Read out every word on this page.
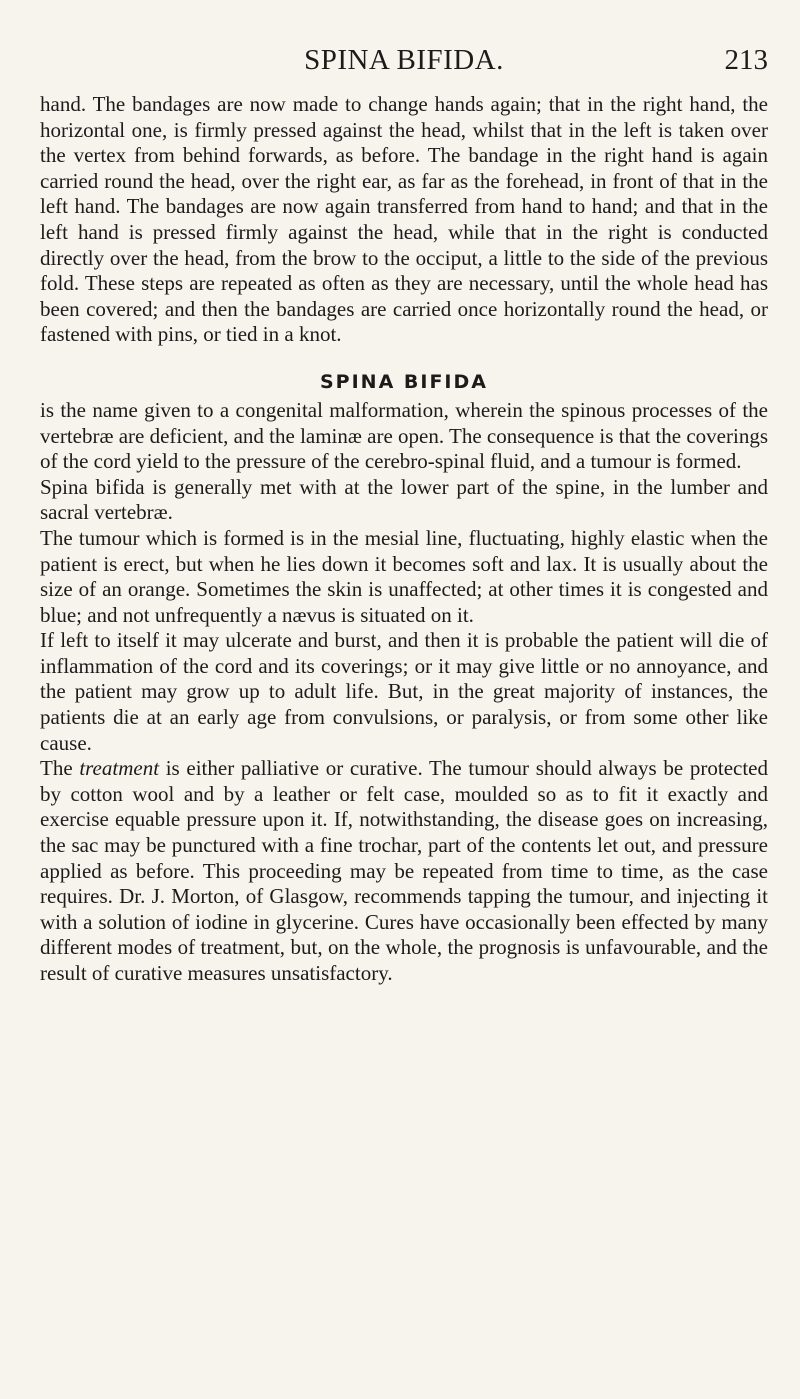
SPINA BIFIDA.	213

hand. The bandages are now made to change hands again; that in the right hand, the horizontal one, is firmly pressed against the head, whilst that in the left is taken over the vertex from behind forwards, as before. The bandage in the right hand is again carried round the head, over the right ear, as far as the forehead, in front of that in the left hand. The bandages are now again transferred from hand to hand; and that in the left hand is pressed firmly against the head, while that in the right is conducted directly over the head, from the brow to the occiput, a little to the side of the previous fold. These steps are repeated as often as they are necessary, until the whole head has been covered; and then the bandages are carried once horizontally round the head, or fastened with pins, or tied in a knot.

SPINA BIFIDA

is the name given to a congenital malformation, wherein the spinous processes of the vertebræ are deficient, and the laminæ are open. The consequence is that the coverings of the cord yield to the pressure of the cerebro-spinal fluid, and a tumour is formed.

Spina bifida is generally met with at the lower part of the spine, in the lumber and sacral vertebræ.

The tumour which is formed is in the mesial line, fluctuating, highly elastic when the patient is erect, but when he lies down it becomes soft and lax. It is usually about the size of an orange. Sometimes the skin is unaffected; at other times it is congested and blue; and not unfrequently a nævus is situated on it.

If left to itself it may ulcerate and burst, and then it is probable the patient will die of inflammation of the cord and its coverings; or it may give little or no annoyance, and the patient may grow up to adult life. But, in the great majority of instances, the patients die at an early age from convulsions, or paralysis, or from some other like cause.

The treatment is either palliative or curative. The tumour should always be protected by cotton wool and by a leather or felt case, moulded so as to fit it exactly and exercise equable pressure upon it. If, notwithstanding, the disease goes on increasing, the sac may be punctured with a fine trochar, part of the contents let out, and pressure applied as before. This proceeding may be repeated from time to time, as the case requires. Dr. J. Morton, of Glasgow, recommends tapping the tumour, and injecting it with a solution of iodine in glycerine. Cures have occasionally been effected by many different modes of treatment, but, on the whole, the prognosis is unfavourable, and the result of curative measures unsatisfactory.
